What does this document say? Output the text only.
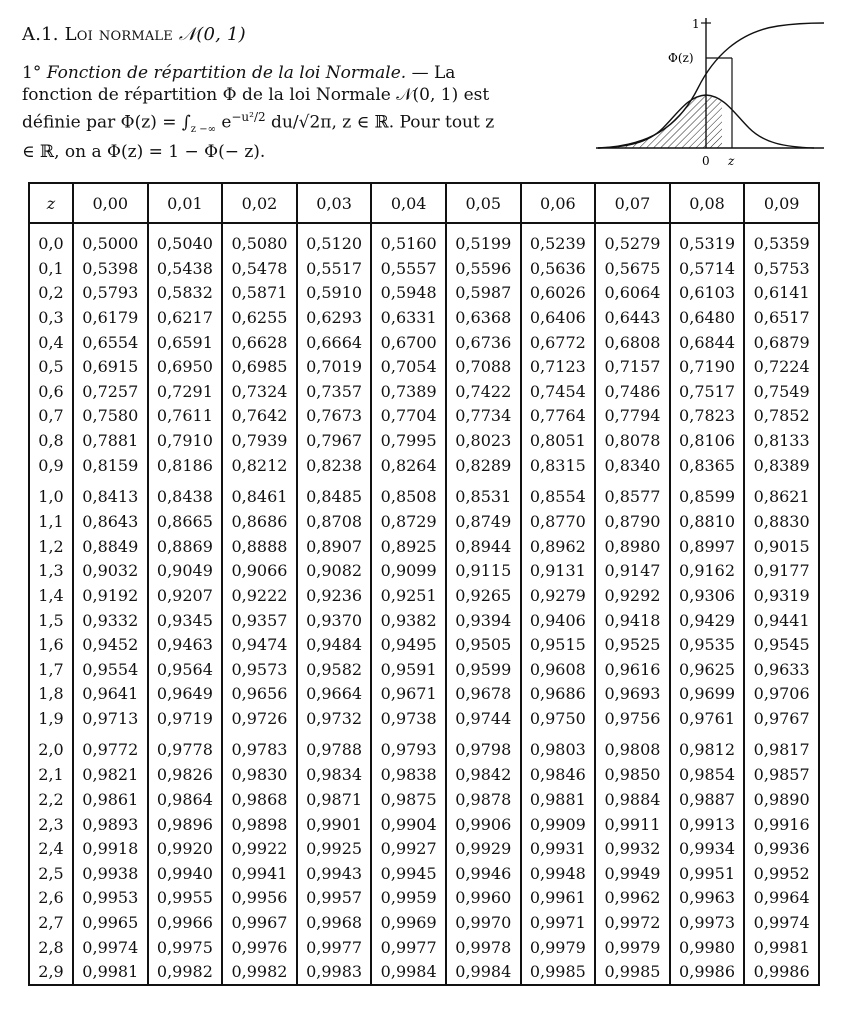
A.1. Loi normale 𝒩(0, 1)
1° Fonction de répartition de la loi Normale. — La fonction de répartition Φ de la loi Normale 𝒩(0, 1) est définie par $\Phi(z) = \int_{z -\infty}$ $e^{-u^2/2}$ du/√2π, z ∈ ℝ. Pour tout z ∈ ℝ, on a Φ(z) = 1 − Φ(− z).
1
Φ(z)
0 z
z	0,00	0,01	0,02	0,03	0,04	0,05	0,06	0,07	0,08	0,09
0,0	0,5000	0,5040	0,5080	0,5120	0,5160	0,5199	0,5239	0,5279	0,5319	0,5359
0,1	0,5398	0,5438	0,5478	0,5517	0,5557	0,5596	0,5636	0,5675	0,5714	0,5753
0,2	0,5793	0,5832	0,5871	0,5910	0,5948	0,5987	0,6026	0,6064	0,6103	0,6141
0,3	0,6179	0,6217	0,6255	0,6293	0,6331	0,6368	0,6406	0,6443	0,6480	0,6517
0,4	0,6554	0,6591	0,6628	0,6664	0,6700	0,6736	0,6772	0,6808	0,6844	0,6879
0,5	0,6915	0,6950	0,6985	0,7019	0,7054	0,7088	0,7123	0,7157	0,7190	0,7224
0,6	0,7257	0,7291	0,7324	0,7357	0,7389	0,7422	0,7454	0,7486	0,7517	0,7549
0,7	0,7580	0,7611	0,7642	0,7673	0,7704	0,7734	0,7764	0,7794	0,7823	0,7852
0,8	0,7881	0,7910	0,7939	0,7967	0,7995	0,8023	0,8051	0,8078	0,8106	0,8133
0,9	0,8159	0,8186	0,8212	0,8238	0,8264	0,8289	0,8315	0,8340	0,8365	0,8389
1,0	0,8413	0,8438	0,8461	0,8485	0,8508	0,8531	0,8554	0,8577	0,8599	0,8621
1,1	0,8643	0,8665	0,8686	0,8708	0,8729	0,8749	0,8770	0,8790	0,8810	0,8830
1,2	0,8849	0,8869	0,8888	0,8907	0,8925	0,8944	0,8962	0,8980	0,8997	0,9015
1,3	0,9032	0,9049	0,9066	0,9082	0,9099	0,9115	0,9131	0,9147	0,9162	0,9177
1,4	0,9192	0,9207	0,9222	0,9236	0,9251	0,9265	0,9279	0,9292	0,9306	0,9319
1,5	0,9332	0,9345	0,9357	0,9370	0,9382	0,9394	0,9406	0,9418	0,9429	0,9441
1,6	0,9452	0,9463	0,9474	0,9484	0,9495	0,9505	0,9515	0,9525	0,9535	0,9545
1,7	0,9554	0,9564	0,9573	0,9582	0,9591	0,9599	0,9608	0,9616	0,9625	0,9633
1,8	0,9641	0,9649	0,9656	0,9664	0,9671	0,9678	0,9686	0,9693	0,9699	0,9706
1,9	0,9713	0,9719	0,9726	0,9732	0,9738	0,9744	0,9750	0,9756	0,9761	0,9767
2,0	0,9772	0,9778	0,9783	0,9788	0,9793	0,9798	0,9803	0,9808	0,9812	0,9817
2,1	0,9821	0,9826	0,9830	0,9834	0,9838	0,9842	0,9846	0,9850	0,9854	0,9857
2,2	0,9861	0,9864	0,9868	0,9871	0,9875	0,9878	0,9881	0,9884	0,9887	0,9890
2,3	0,9893	0,9896	0,9898	0,9901	0,9904	0,9906	0,9909	0,9911	0,9913	0,9916
2,4	0,9918	0,9920	0,9922	0,9925	0,9927	0,9929	0,9931	0,9932	0,9934	0,9936
2,5	0,9938	0,9940	0,9941	0,9943	0,9945	0,9946	0,9948	0,9949	0,9951	0,9952
2,6	0,9953	0,9955	0,9956	0,9957	0,9959	0,9960	0,9961	0,9962	0,9963	0,9964
2,7	0,9965	0,9966	0,9967	0,9968	0,9969	0,9970	0,9971	0,9972	0,9973	0,9974
2,8	0,9974	0,9975	0,9976	0,9977	0,9977	0,9978	0,9979	0,9979	0,9980	0,9981
2,9	0,9981	0,9982	0,9982	0,9983	0,9984	0,9984	0,9985	0,9985	0,9986	0,9986
